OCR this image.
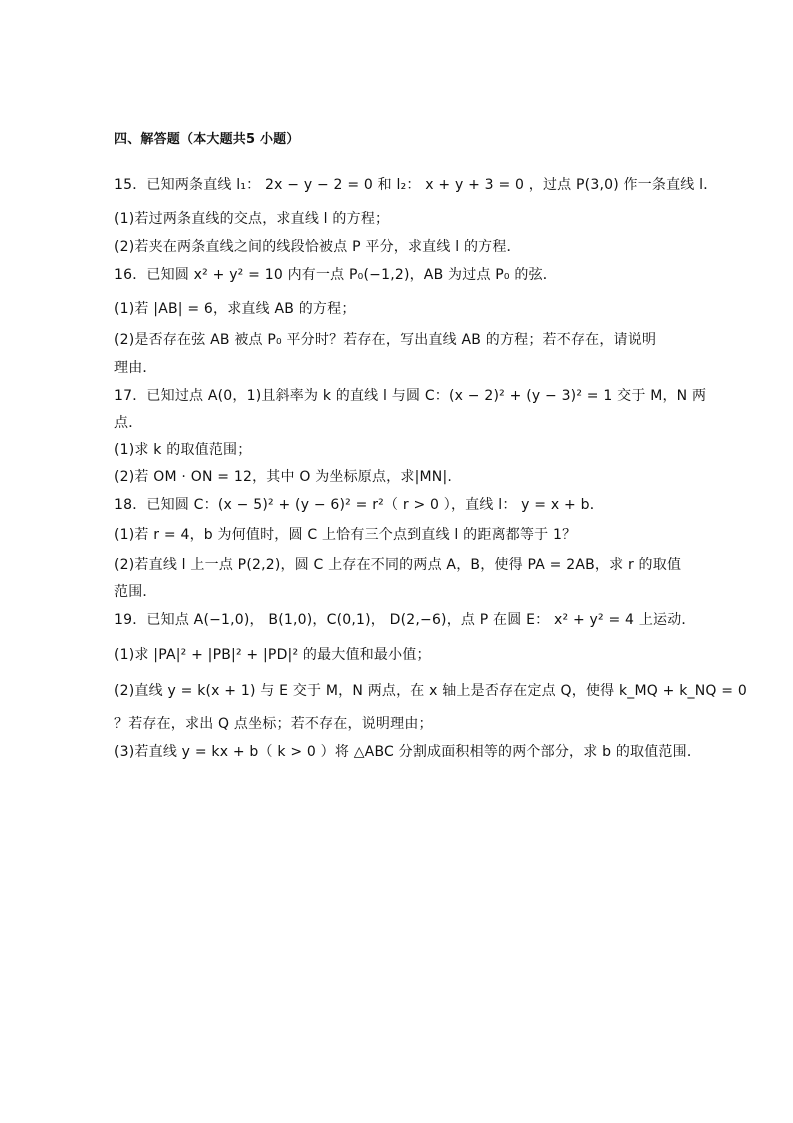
四、解答题（本大题共5 小题）
15．已知两条直线 l₁： 2x − y − 2 = 0 和 l₂： x + y + 3 = 0 ，过点 P(3,0) 作一条直线 l．
(1)若过两条直线的交点，求直线 l 的方程；
(2)若夹在两条直线之间的线段恰被点 P 平分，求直线 l 的方程．
16．已知圆 x² + y² = 10 内有一点 P₀(−1,2)，AB 为过点 P₀ 的弦．
(1)若 |AB| = 6，求直线 AB 的方程；
(2)是否存在弦 AB 被点 P₀ 平分时？若存在，写出直线 AB 的方程；若不存在，请说明
理由．
17．已知过点 A(0，1)且斜率为 k 的直线 l 与圆 C：(x − 2)² + (y − 3)² = 1 交于 M，N 两
点．
(1)求 k 的取值范围；
(2)若 OM · ON = 12，其中 O 为坐标原点，求|MN|.
18．已知圆 C：(x − 5)² + (y − 6)² = r²（ r > 0 ），直线 l： y = x + b．
(1)若 r = 4，b 为何值时，圆 C 上恰有三个点到直线 l 的距离都等于 1？
(2)若直线 l 上一点 P(2,2)，圆 C 上存在不同的两点 A，B，使得 PA = 2AB，求 r 的取值
范围．
19．已知点 A(−1,0)， B(1,0)，C(0,1)， D(2,−6)，点 P 在圆 E： x² + y² = 4 上运动．
(1)求 |PA|² + |PB|² + |PD|² 的最大值和最小值；
(2)直线 y = k(x + 1) 与 E 交于 M，N 两点，在 x 轴上是否存在定点 Q，使得 k_MQ + k_NQ = 0
？若存在，求出 Q 点坐标；若不存在，说明理由；
(3)若直线 y = kx + b（ k > 0 ）将 △ABC 分割成面积相等的两个部分，求 b 的取值范围．
